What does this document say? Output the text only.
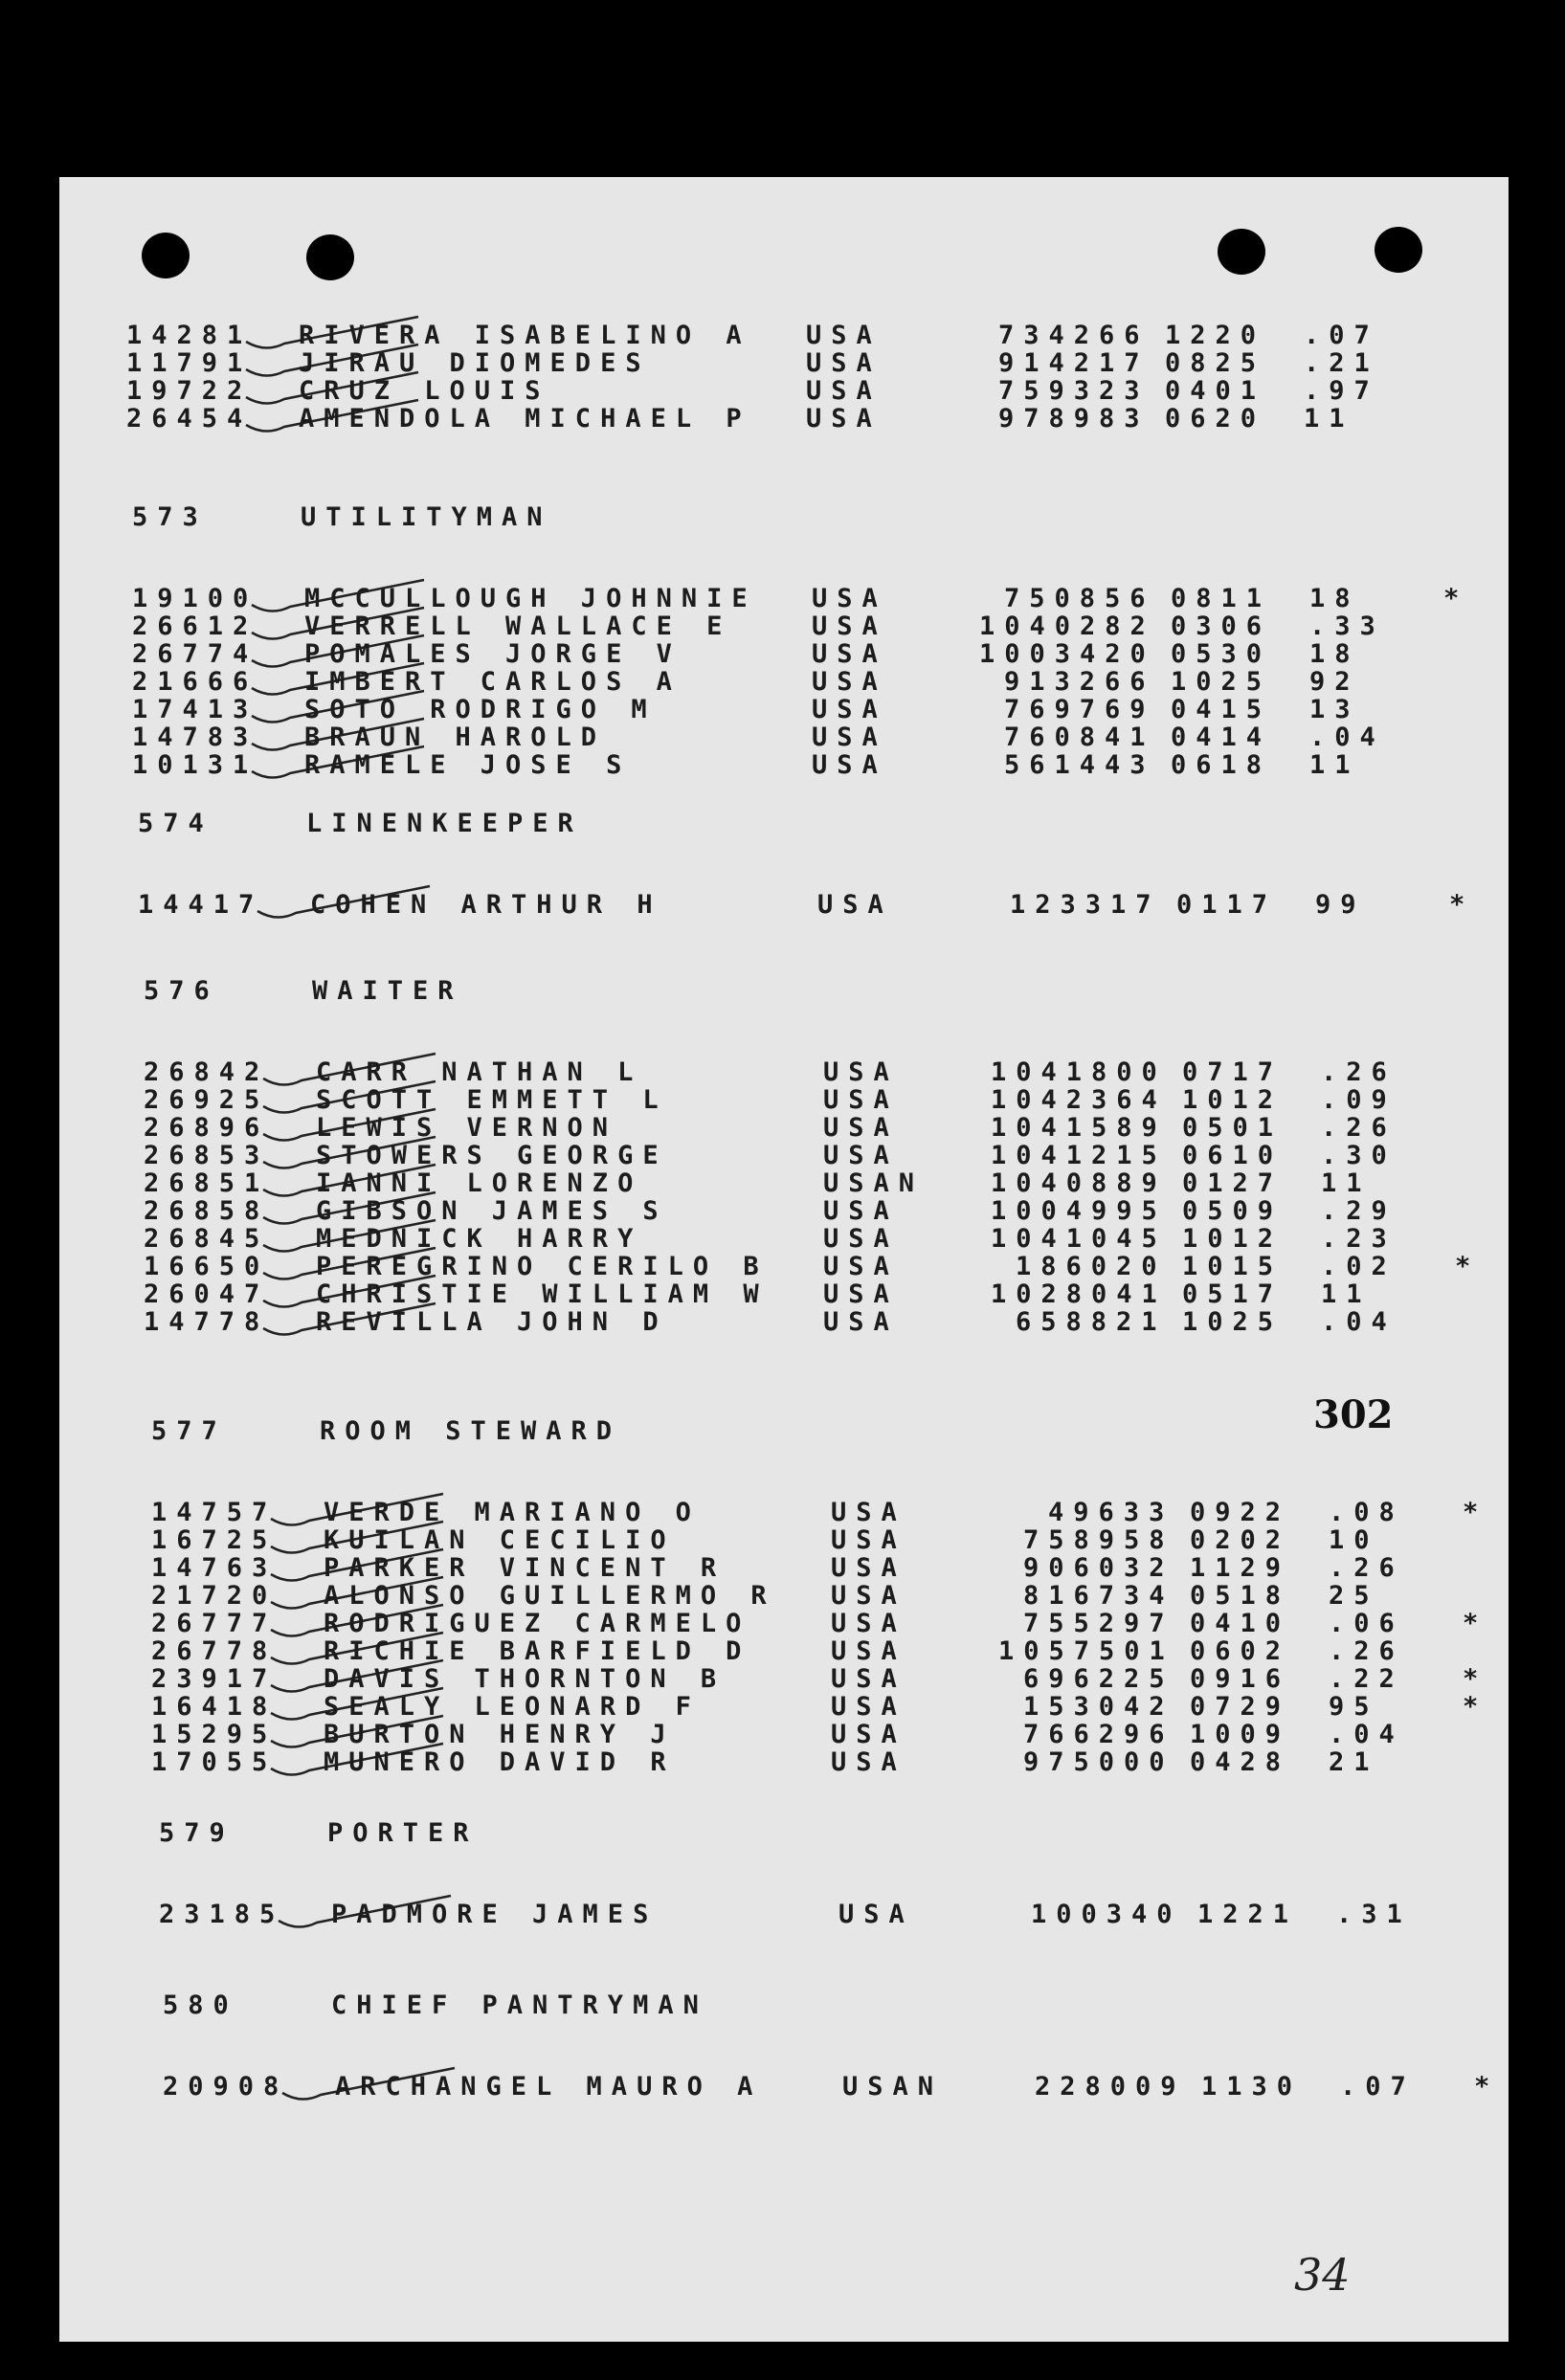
14281 RIVERA ISABELINO A USA	734266 1220 .07
11791 JIRAU DIOMEDES	USA	914217 0825 .21
19722 CRUZ LOUIS	USA	759323 0401 .97
26454 AMENDOLA MICHAEL P USA	978983 0620 11
573	UTILITYMAN
19100 MCCULLOUGH JOHNNIE USA	750856 0811 18	*
26612 VERRELL WALLACE E	USA	1040282 0306 .33
26774 POMALES JORGE V	USA	1003420 0530 18
21666 IMBERT CARLOS A	USA	913266 1025 92
17413 SOTO RODRIGO M	USA	769769 0415 13
14783 BRAUN HAROLD	USA	760841 0414 .04
10131 RAMELE JOSE S	USA	561443 0618 11
574	LINENKEEPER
14417 COHEN ARTHUR H	USA	123317 0117 99	*
576	WAITER
26842 CARR NATHAN L	USA	1041800 0717 .26
26925 SCOTT EMMETT L	USA	1042364 1012 .09
26896 LEWIS VERNON	USA	1041589 0501 .26
26853 STOWERS GEORGE	USA	1041215 0610 .30
26851 IANNI LORENZO	USAN	1040889 0127 11
26858 GIBSON JAMES S	USA	1004995 0509 .29
26845 MEDNICK HARRY	USA	1041045 1012 .23
16650 PEREGRINO CERILO B USA	186020 1015 .02 *
26047 CHRISTIE WILLIAM W USA	1028041 0517 11
14778 REVILLA JOHN D	USA	658821 1025 .04
577	ROOM STEWARD
14757 VERDE MARIANO O	USA	49633 0922 .08 *
16725 KUILAN CECILIO	USA	758958 0202 10
14763 PARKER VINCENT R	USA	906032 1129 .26
21720 ALONSO GUILLERMO R USA	816734 0518 25
26777 RODRIGUEZ CARMELO	USA	755297 0410 .06 *
26778 RICHIE BARFIELD D	USA	1057501 0602 .26
23917 DAVIS THORNTON B	USA	696225 0916 .22 *
16418 SEALY LEONARD F	USA	153042 0729 95	*
15295 BURTON HENRY J	USA	766296 1009 .04
17055 MUNERO DAVID R	USA	975000 0428 21
579	PORTER
23185 PADMORE JAMES	USA	100340 1221 .31
580	CHIEF PANTRYMAN
20908 ARCHANGEL MAURO A	USAN	228009 1130 .07 *
302
34
